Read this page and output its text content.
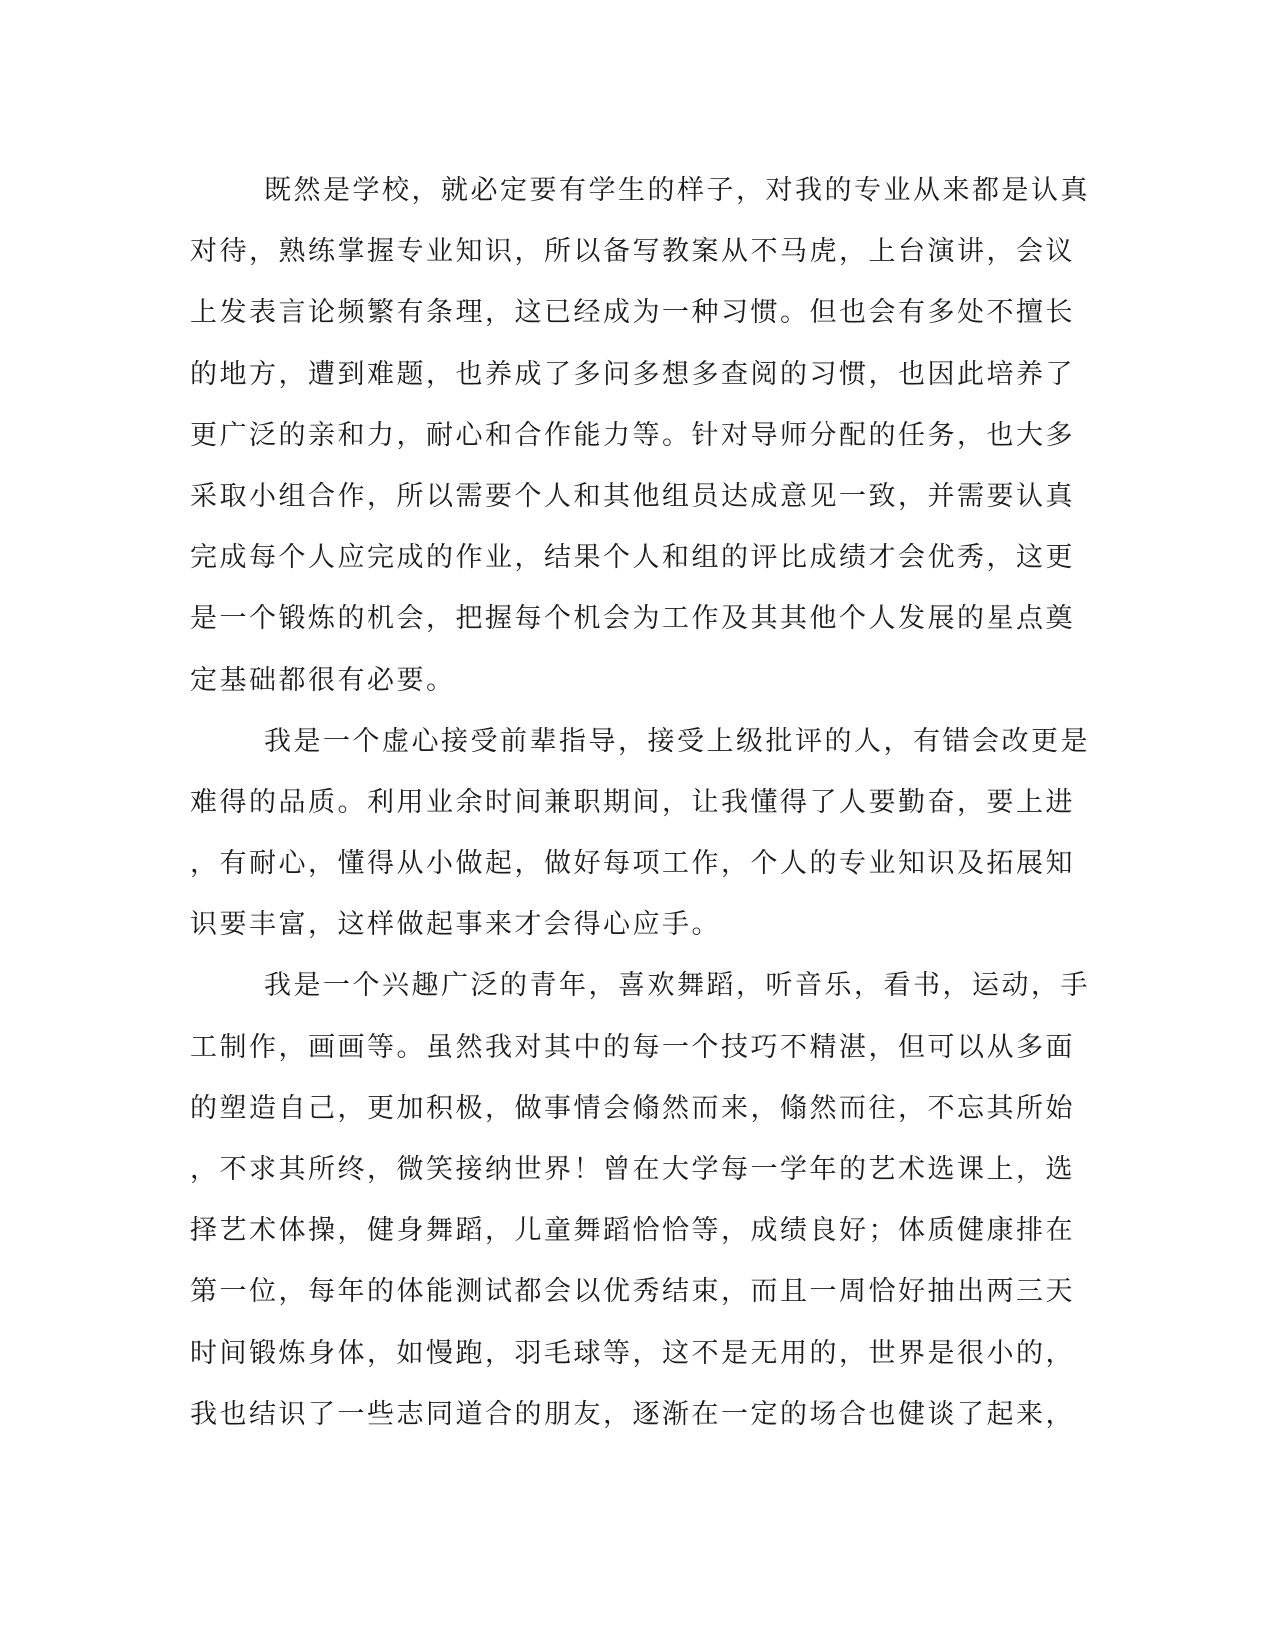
既然是学校，就必定要有学生的样子，对我的专业从来都是认真
对待，熟练掌握专业知识，所以备写教案从不马虎，上台演讲，会议
上发表言论频繁有条理，这已经成为一种习惯。但也会有多处不擅长
的地方，遭到难题，也养成了多问多想多查阅的习惯，也因此培养了
更广泛的亲和力，耐心和合作能力等。针对导师分配的任务，也大多
采取小组合作，所以需要个人和其他组员达成意见一致，并需要认真
完成每个人应完成的作业，结果个人和组的评比成绩才会优秀，这更
是一个锻炼的机会，把握每个机会为工作及其其他个人发展的星点奠
定基础都很有必要。
我是一个虚心接受前辈指导，接受上级批评的人，有错会改更是
难得的品质。利用业余时间兼职期间，让我懂得了人要勤奋，要上进
，有耐心，懂得从小做起，做好每项工作，个人的专业知识及拓展知
识要丰富，这样做起事来才会得心应手。
我是一个兴趣广泛的青年，喜欢舞蹈，听音乐，看书，运动，手
工制作，画画等。虽然我对其中的每一个技巧不精湛，但可以从多面
的塑造自己，更加积极，做事情会翛然而来，翛然而往，不忘其所始
，不求其所终，微笑接纳世界！曾在大学每一学年的艺术选课上，选
择艺术体操，健身舞蹈，儿童舞蹈恰恰等，成绩良好；体质健康排在
第一位，每年的体能测试都会以优秀结束，而且一周恰好抽出两三天
时间锻炼身体，如慢跑，羽毛球等，这不是无用的，世界是很小的，
我也结识了一些志同道合的朋友，逐渐在一定的场合也健谈了起来，
